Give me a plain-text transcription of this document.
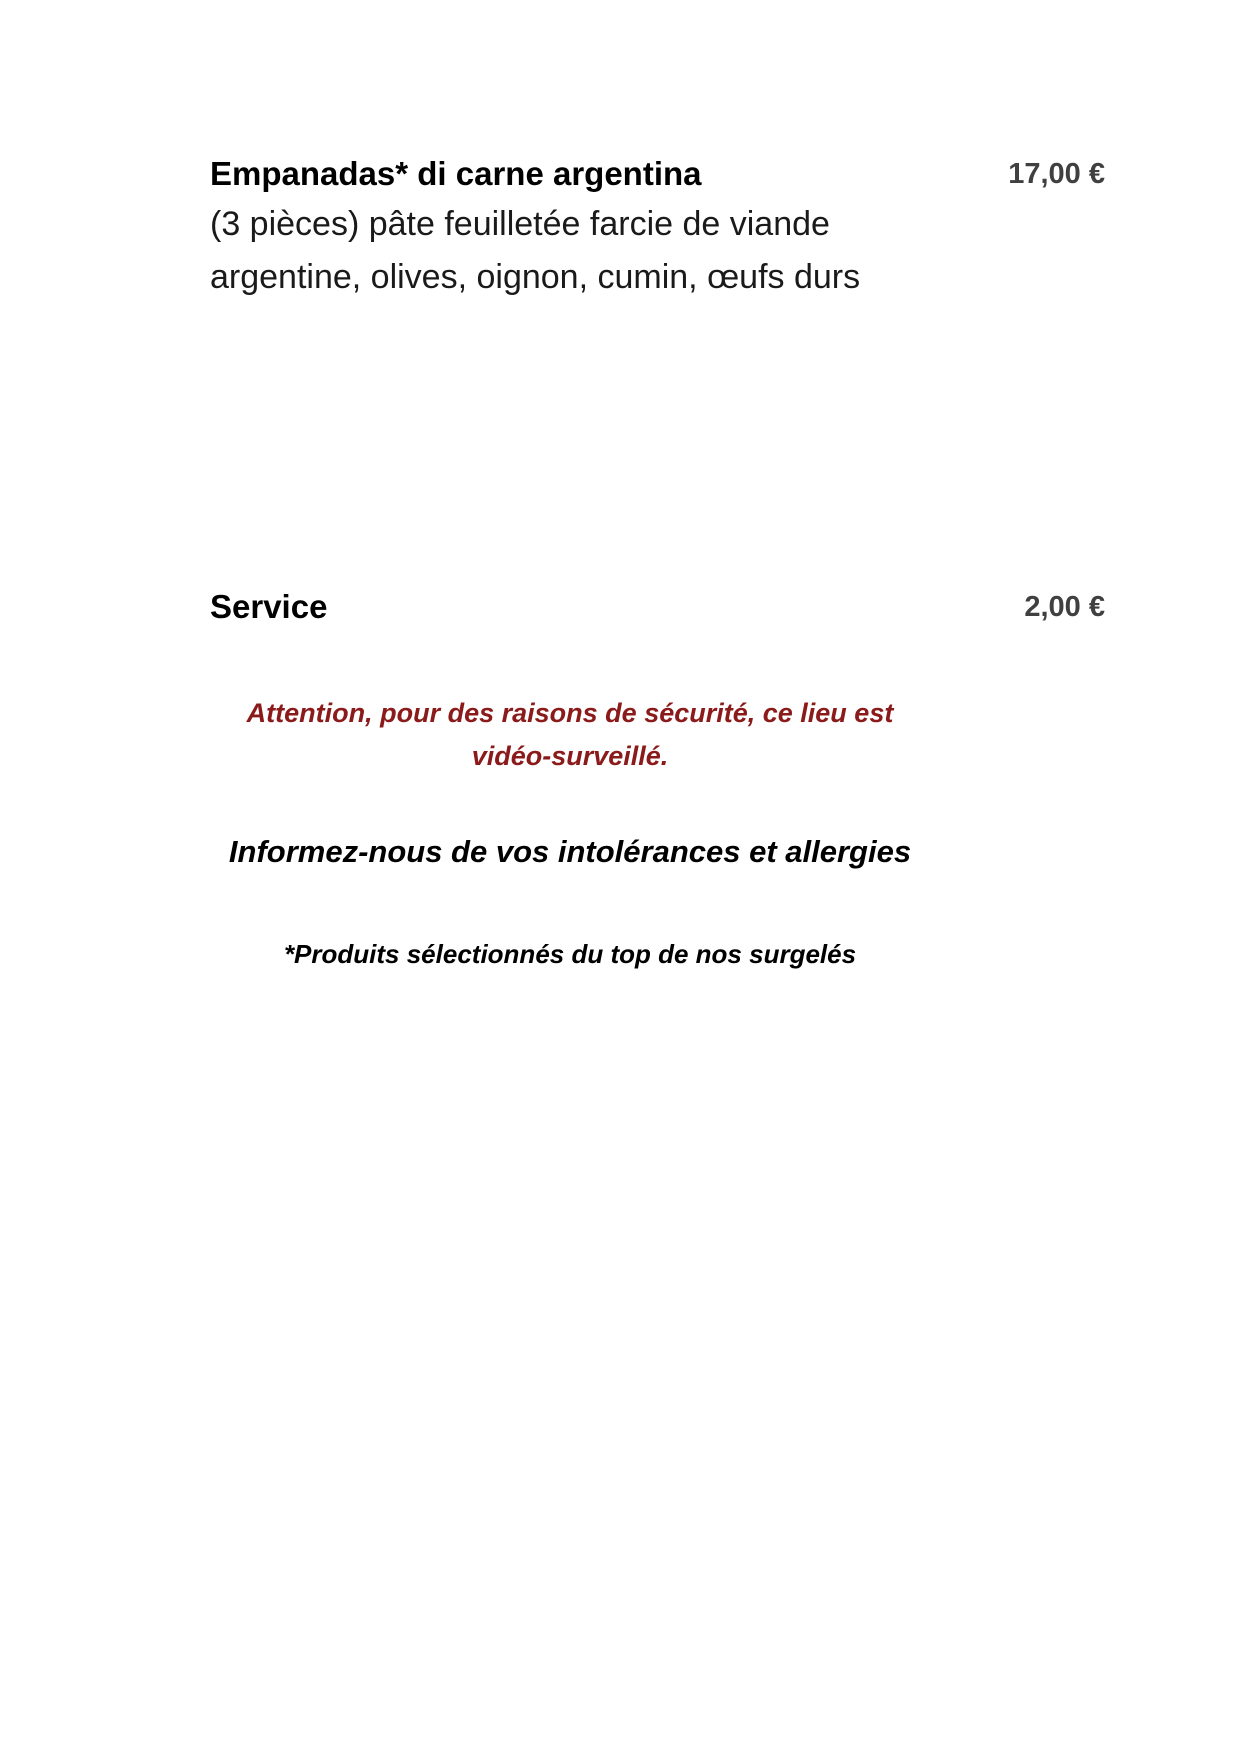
Empanadas* di carne argentina	17,00 €

(3 pièces) pâte feuilletée farcie de viande argentine, olives, oignon, cumin, œufs durs

Service	2,00 €

Attention, pour des raisons de sécurité, ce lieu est
vidéo-surveillé.

Informez-nous de vos intolérances et allergies

*Produits sélectionnés du top de nos surgelés
